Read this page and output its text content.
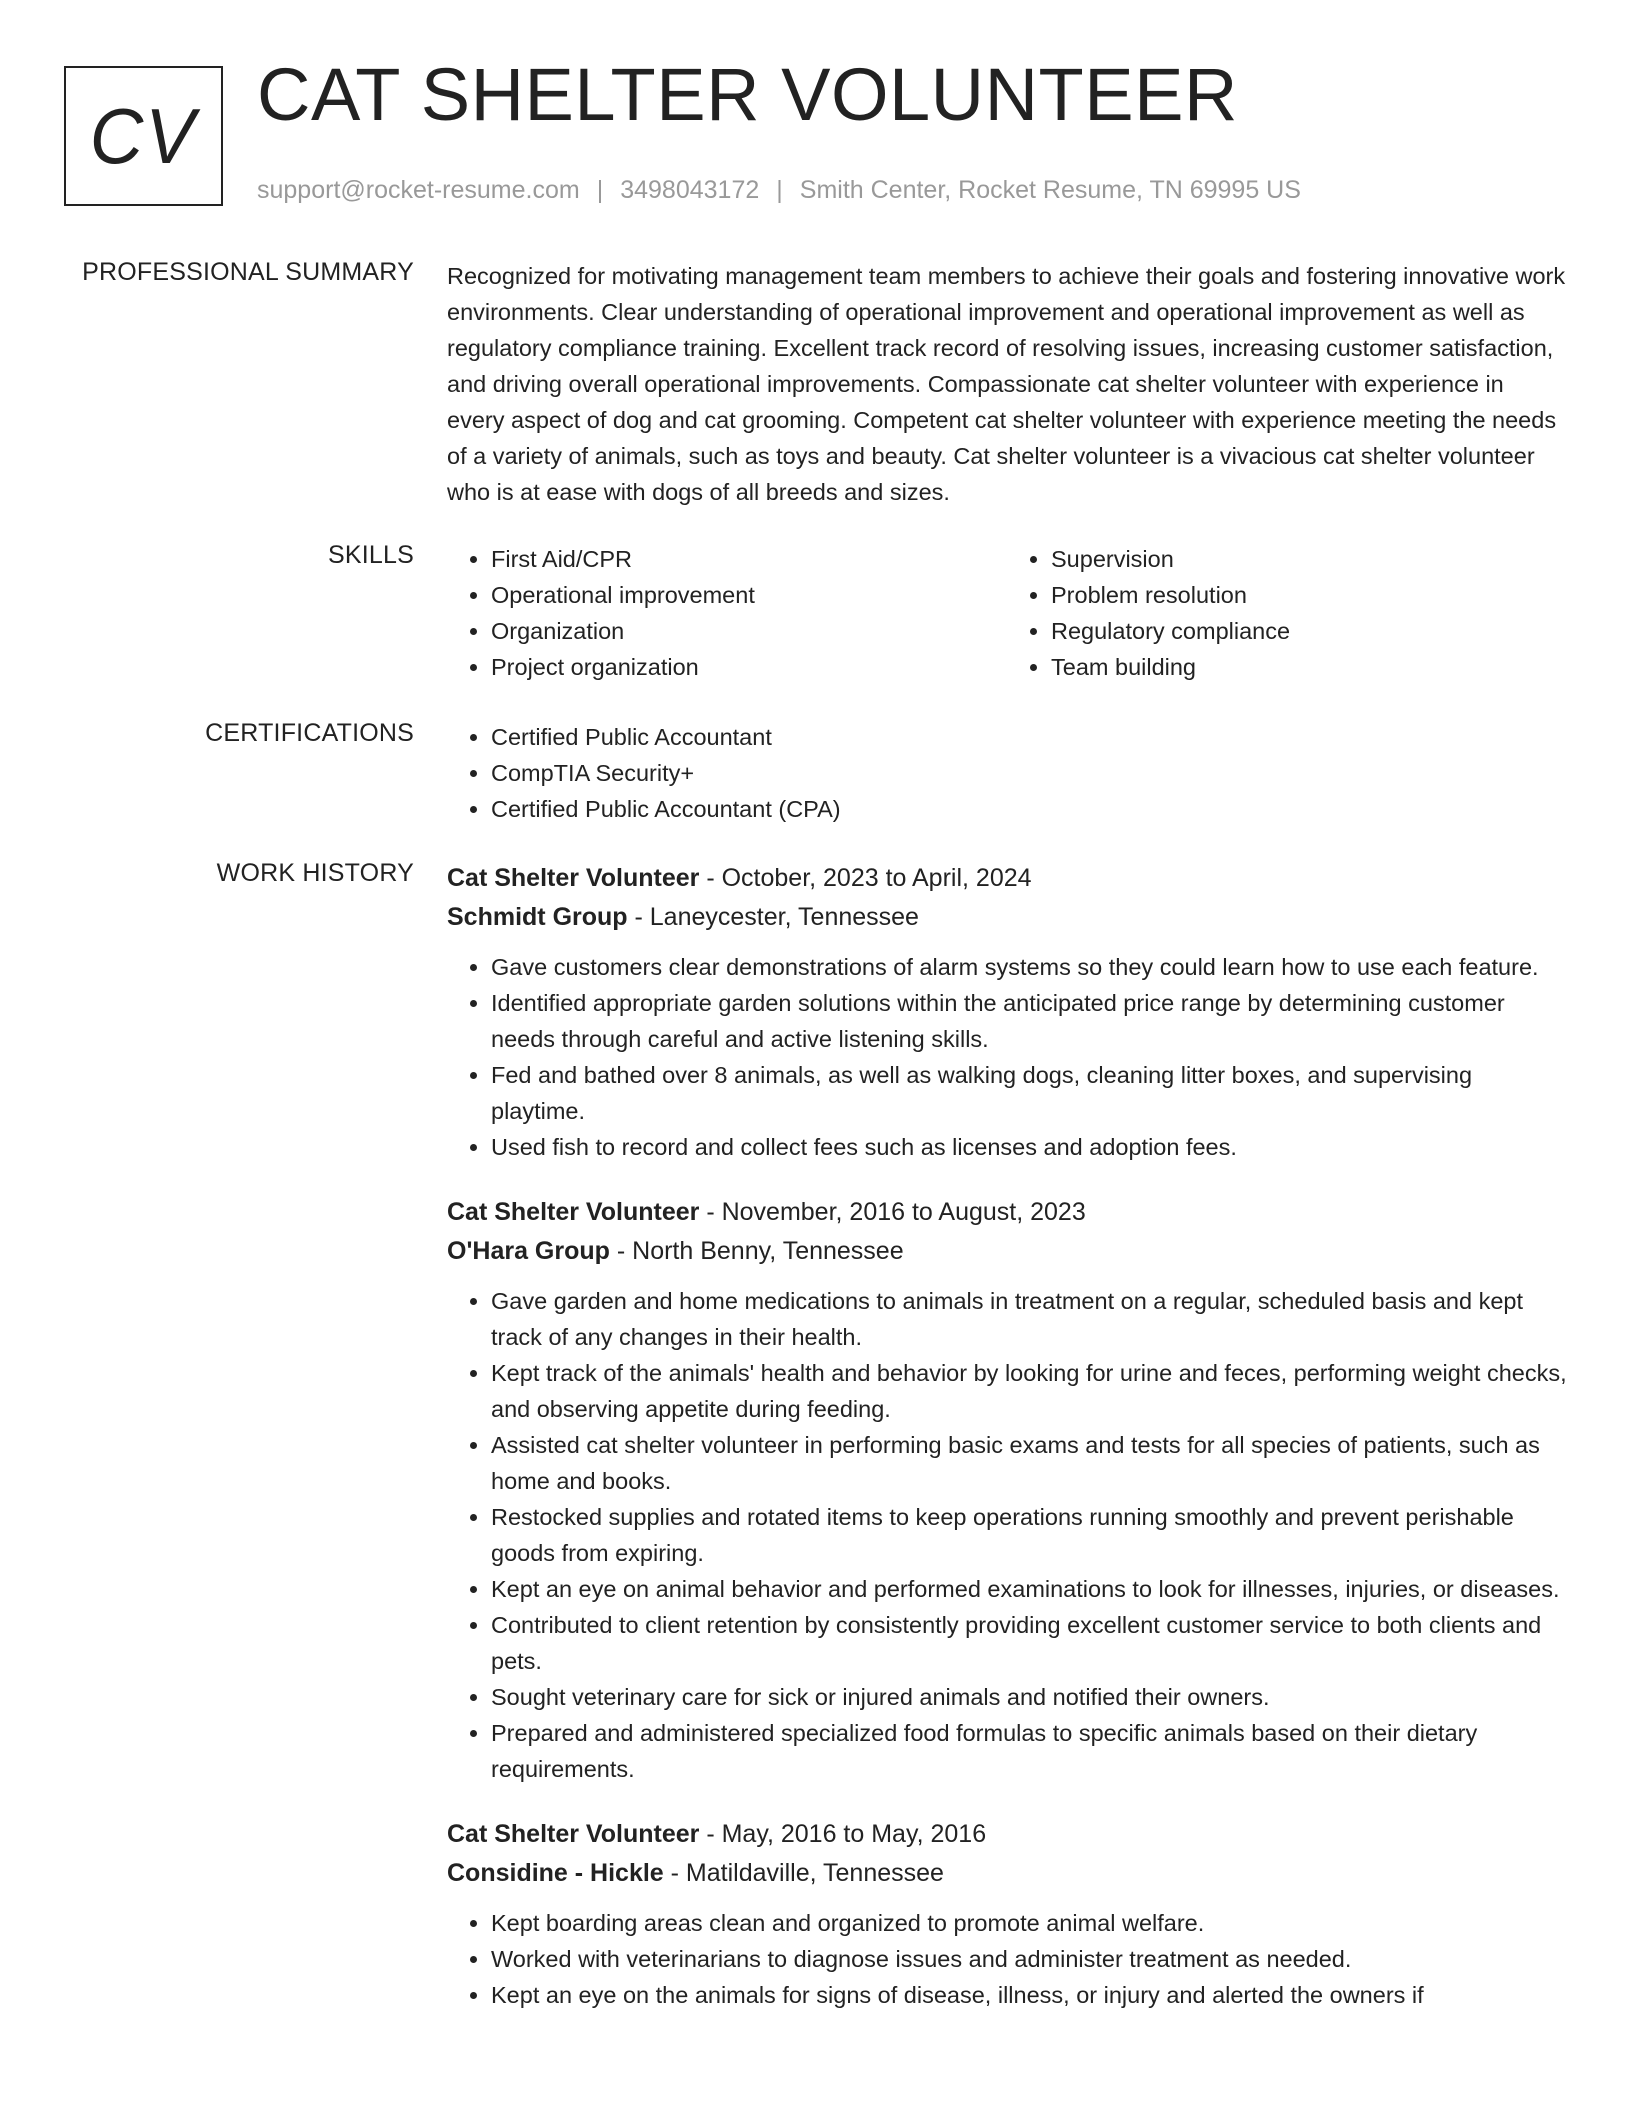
CV CAT SHELTER VOLUNTEER
support@rocket-resume.com | 3498043172 | Smith Center, Rocket Resume, TN 69995 US
PROFESSIONAL SUMMARY Recognized for motivating management team members to achieve their goals and fostering innovative work environments. Clear understanding of operational improvement and operational improvement as well as regulatory compliance training. Excellent track record of resolving issues, increasing customer satisfaction, and driving overall operational improvements. Compassionate cat shelter volunteer with experience in every aspect of dog and cat grooming. Competent cat shelter volunteer with experience meeting the needs of a variety of animals, such as toys and beauty. Cat shelter volunteer is a vivacious cat shelter volunteer who is at ease with dogs of all breeds and sizes.
SKILLS	• First Aid/CPR
• Operational improvement
• Organization
• Project organization
• Supervision
• Problem resolution
• Regulatory compliance
• Team building
CERTIFICATIONS	• Certified Public Accountant
• CompTIA Security+
• Certified Public Accountant (CPA)
WORK HISTORY Cat Shelter Volunteer - October, 2023 to April, 2024
Schmidt Group - Laneycester, Tennessee
• Gave customers clear demonstrations of alarm systems so they could learn how to use each feature.
• Identified appropriate garden solutions within the anticipated price range by determining customer needs through careful and active listening skills.
• Fed and bathed over 8 animals, as well as walking dogs, cleaning litter boxes, and supervising playtime.
• Used fish to record and collect fees such as licenses and adoption fees.
Cat Shelter Volunteer - November, 2016 to August, 2023
O'Hara Group - North Benny, Tennessee
• Gave garden and home medications to animals in treatment on a regular, scheduled basis and kept track of any changes in their health.
• Kept track of the animals' health and behavior by looking for urine and feces, performing weight checks, and observing appetite during feeding.
• Assisted cat shelter volunteer in performing basic exams and tests for all species of patients, such as home and books.
• Restocked supplies and rotated items to keep operations running smoothly and prevent perishable goods from expiring.
• Kept an eye on animal behavior and performed examinations to look for illnesses, injuries, or diseases.
• Contributed to client retention by consistently providing excellent customer service to both clients and pets.
• Sought veterinary care for sick or injured animals and notified their owners.
• Prepared and administered specialized food formulas to specific animals based on their dietary requirements.
Cat Shelter Volunteer - May, 2016 to May, 2016
Considine - Hickle - Matildaville, Tennessee
• Kept boarding areas clean and organized to promote animal welfare.
• Worked with veterinarians to diagnose issues and administer treatment as needed.
• Kept an eye on the animals for signs of disease, illness, or injury and alerted the owners if
